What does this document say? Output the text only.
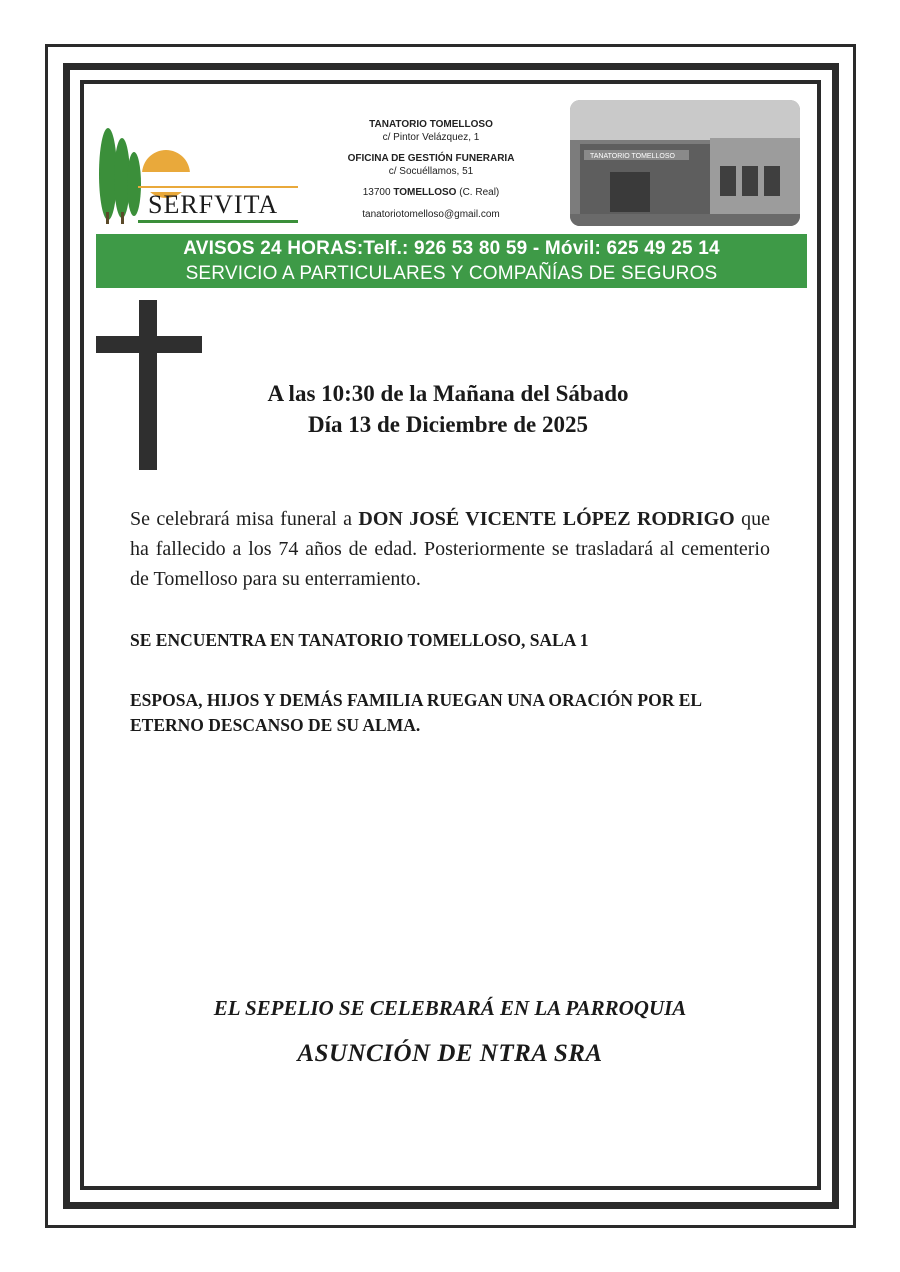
SERFVITA
TANATORIO TOMELLOSO
c/ Pintor Velázquez, 1
OFICINA DE GESTIÓN FUNERARIA
c/ Socuéllamos, 51
13700 TOMELLOSO (C. Real)
tanatoriotomelloso@gmail.com
TANATORIO TOMELLOSO
AVISOS 24 HORAS:Telf.: 926 53 80 59 - Móvil: 625 49 25 14
SERVICIO A PARTICULARES Y COMPAÑÍAS DE SEGUROS
A las 10:30 de la Mañana del Sábado
Día 13 de Diciembre de 2025
Se celebrará misa funeral a DON JOSÉ VICENTE LÓPEZ RODRIGO que ha fallecido a los 74 años de edad. Posteriormente se trasladará al cementerio de Tomelloso para su enterramiento.
SE ENCUENTRA EN TANATORIO TOMELLOSO, SALA 1
ESPOSA, HIJOS Y DEMÁS FAMILIA RUEGAN UNA ORACIÓN POR EL ETERNO DESCANSO DE SU ALMA.
EL SEPELIO SE CELEBRARÁ EN LA PARROQUIA
ASUNCIÓN DE NTRA SRA
